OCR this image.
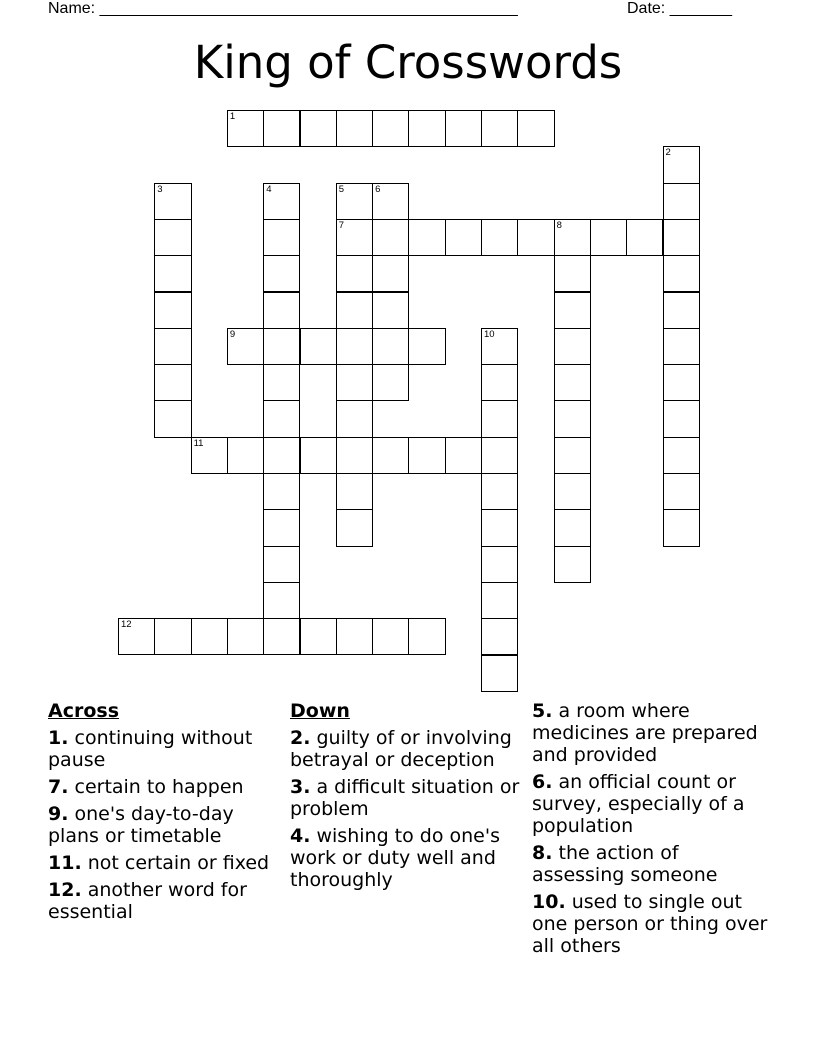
Name: _______________________________________________

	Date: _______

King of Crosswords
1
2
3	4	5
7
6
8
9	10
11
12
Across
1. continuing without pause
7. certain to happen
9. one's day-to-day plans or timetable
11. not certain or fixed
12. another word for essential
Down
2. guilty of or involving betrayal or deception
3. a difficult situation or problem
4. wishing to do one's work or duty well and thoroughly
5. a room where medicines are prepared and provided
6. an official count or survey, especially of a population
8. the action of assessing someone
10. used to single out one person or thing over all others
